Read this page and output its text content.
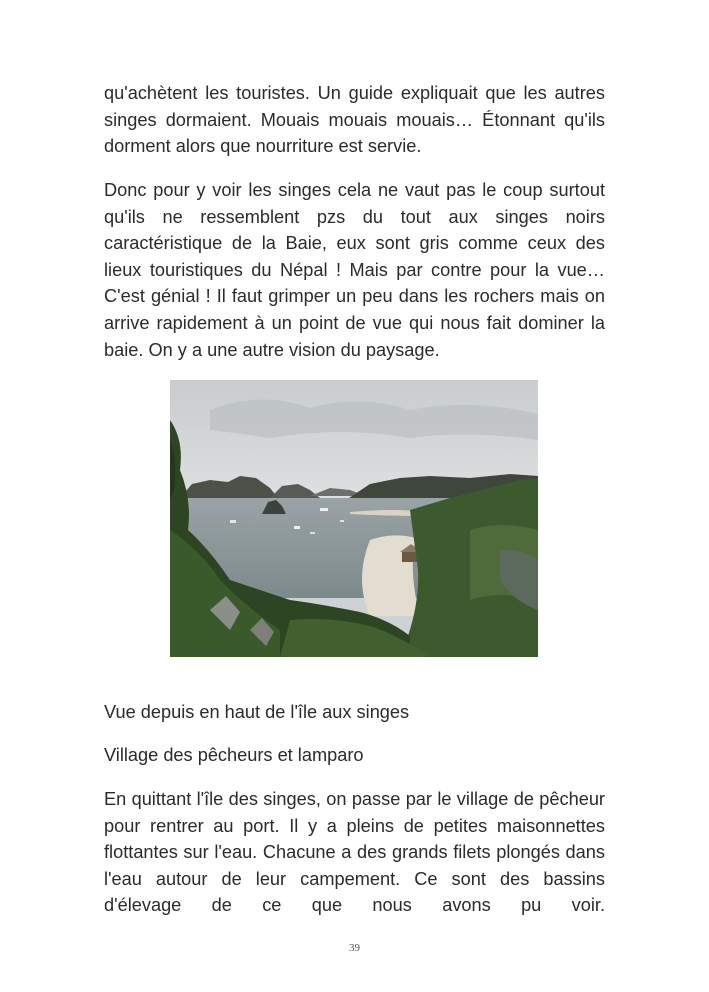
qu'achètent les touristes. Un guide expliquait que les autres singes dormaient. Mouais mouais mouais… Étonnant qu'ils dorment alors que nourriture est servie.

Donc pour y voir les singes cela ne vaut pas le coup surtout qu'ils ne ressemblent pzs du tout aux singes noirs caractéristique de la Baie, eux sont gris comme ceux des lieux touristiques du Népal ! Mais par contre pour la vue… C'est génial ! Il faut grimper un peu dans les rochers mais on arrive rapidement à un point de vue qui nous fait dominer la baie. On y a une autre vision du paysage.

Vue depuis en haut de l'île aux singes

Village des pêcheurs et lamparo

En quittant l'île des singes, on passe par le village de pêcheur pour rentrer au port. Il y a pleins de petites maisonnettes flottantes sur l'eau. Chacune a des grands filets plongés dans l'eau autour de leur campement. Ce sont des bassins d'élevage de ce que nous avons pu voir.

39
